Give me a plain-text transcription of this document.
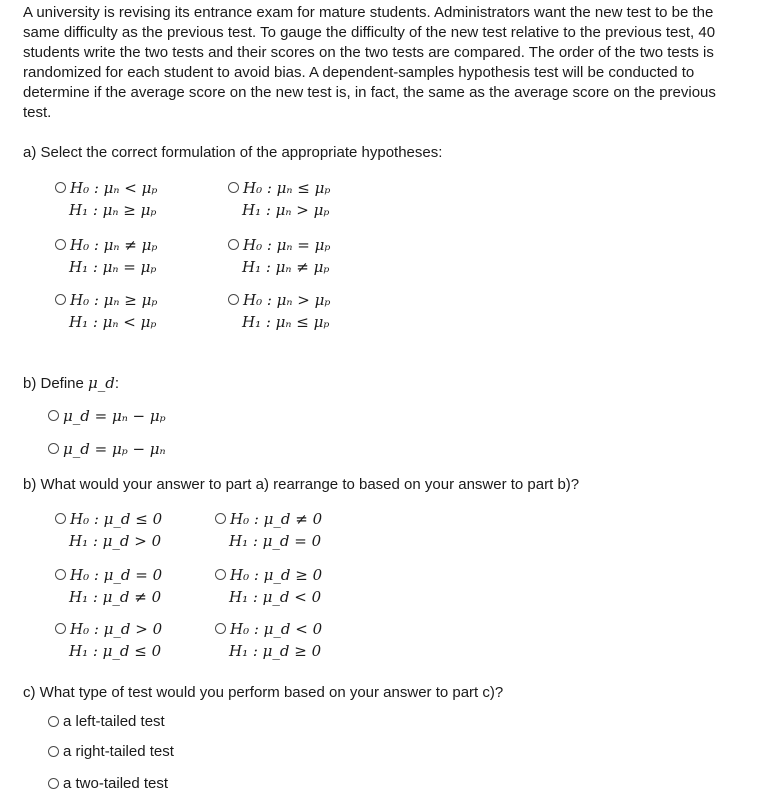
A university is revising its entrance exam for mature students. Administrators want the new test to be the same difficulty as the previous test. To gauge the difficulty of the new test relative to the previous test, 40 students write the two tests and their scores on the two tests are compared. The order of the two tests is randomized for each student to avoid bias. A dependent-samples hypothesis test will be conducted to determine if the average score on the new test is, in fact, the same as the average score on the previous test.
a) Select the correct formulation of the appropriate hypotheses:
H₀ : μₙ < μₚ
H₁ : μₙ ≥ μₚ
H₀ : μₙ ≤ μₚ
H₁ : μₙ > μₚ
H₀ : μₙ ≠ μₚ
H₁ : μₙ = μₚ
H₀ : μₙ = μₚ
H₁ : μₙ ≠ μₚ
H₀ : μₙ ≥ μₚ
H₁ : μₙ < μₚ
H₀ : μₙ > μₚ
H₁ : μₙ ≤ μₚ
b) Define μ_d:
μ_d = μₙ − μₚ
μ_d = μₚ − μₙ
b) What would your answer to part a) rearrange to based on your answer to part b)?
H₀ : μ_d ≤ 0
H₁ : μ_d > 0
H₀ : μ_d ≠ 0
H₁ : μ_d = 0
H₀ : μ_d = 0
H₁ : μ_d ≠ 0
H₀ : μ_d ≥ 0
H₁ : μ_d < 0
H₀ : μ_d > 0
H₁ : μ_d ≤ 0
H₀ : μ_d < 0
H₁ : μ_d ≥ 0
c) What type of test would you perform based on your answer to part c)?
a left-tailed test
a right-tailed test
a two-tailed test
